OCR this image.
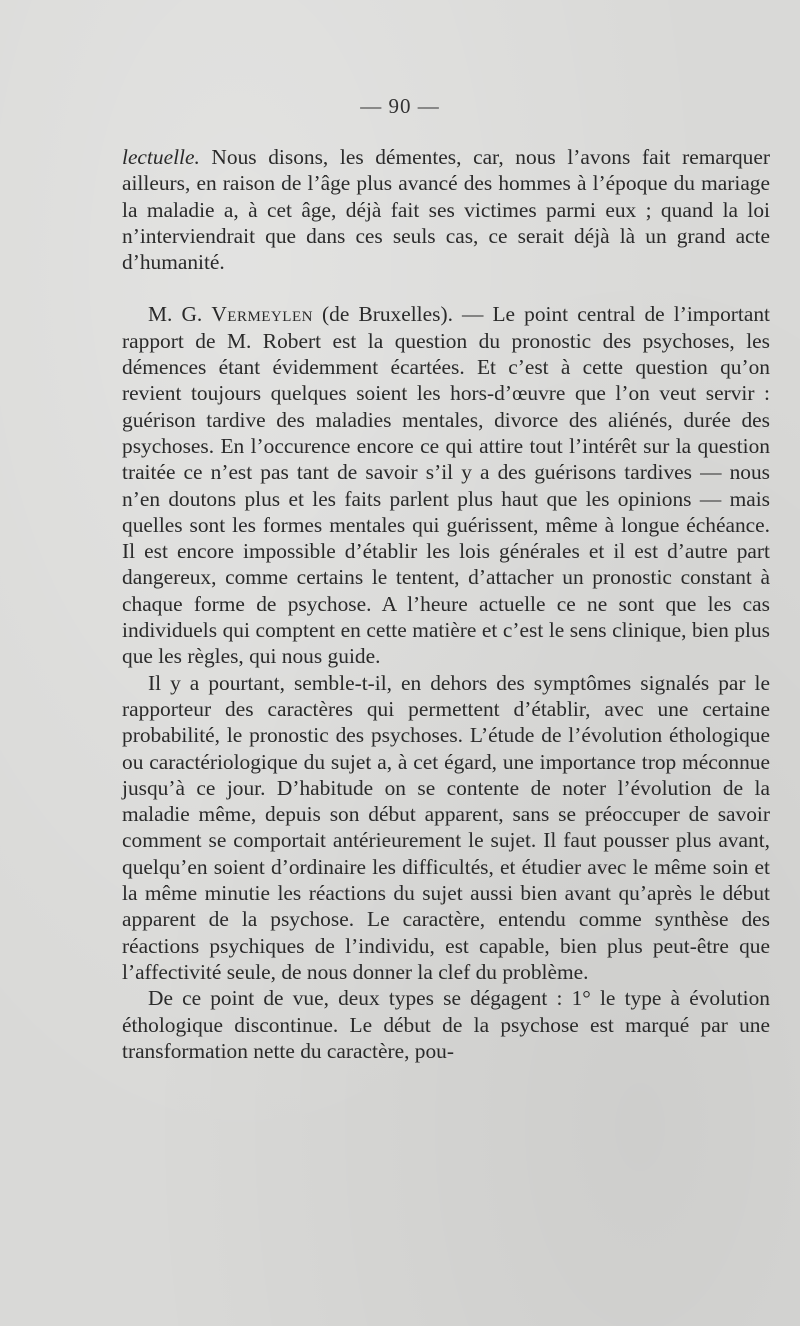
— 90 —

lectuelle. Nous disons, les démentes, car, nous l’avons fait remarquer ailleurs, en raison de l’âge plus avancé des hommes à l’époque du mariage la maladie a, à cet âge, déjà fait ses victimes parmi eux ; quand la loi n’interviendrait que dans ces seuls cas, ce serait déjà là un grand acte d’humanité.

M. G. Vermeylen (de Bruxelles). — Le point central de l’important rapport de M. Robert est la question du pronostic des psychoses, les démences étant évidemment écartées. Et c’est à cette question qu’on revient toujours quelques soient les hors-d’œuvre que l’on veut servir : guérison tardive des maladies mentales, divorce des aliénés, durée des psychoses. En l’occurence encore ce qui attire tout l’intérêt sur la question traitée ce n’est pas tant de savoir s’il y a des guérisons tardives — nous n’en doutons plus et les faits parlent plus haut que les opinions — mais quelles sont les formes mentales qui guérissent, même à longue échéance. Il est encore impossible d’établir les lois générales et il est d’autre part dangereux, comme certains le tentent, d’attacher un pronostic constant à chaque forme de psychose. A l’heure actuelle ce ne sont que les cas individuels qui comptent en cette matière et c’est le sens clinique, bien plus que les règles, qui nous guide.

Il y a pourtant, semble-t-il, en dehors des symptômes signalés par le rapporteur des caractères qui permettent d’établir, avec une certaine probabilité, le pronostic des psychoses. L’étude de l’évolution éthologique ou caractériologique du sujet a, à cet égard, une importance trop méconnue jusqu’à ce jour. D’habitude on se contente de noter l’évolution de la maladie même, depuis son début apparent, sans se préoccuper de savoir comment se comportait antérieurement le sujet. Il faut pousser plus avant, quelqu’en soient d’ordinaire les difficultés, et étudier avec le même soin et la même minutie les réactions du sujet aussi bien avant qu’après le début apparent de la psychose. Le caractère, entendu comme synthèse des réactions psychiques de l’individu, est capable, bien plus peut-être que l’affectivité seule, de nous donner la clef du problème.

De ce point de vue, deux types se dégagent : 1° le type à évolution éthologique discontinue. Le début de la psychose est marqué par une transformation nette du caractère, pou-
